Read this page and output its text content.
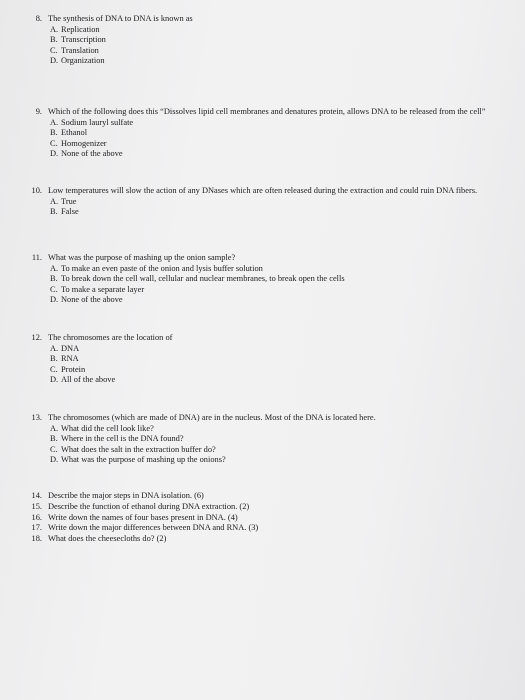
8. The synthesis of DNA to DNA is known as
A. Replication
B. Transcription
C. Translation
D. Organization
9. Which of the following does this “Dissolves lipid cell membranes and denatures protein, allows DNA to be released from the cell”
A. Sodium lauryl sulfate
B. Ethanol
C. Homogenizer
D. None of the above
10. Low temperatures will slow the action of any DNases which are often released during the extraction and could ruin DNA fibers.
A. True
B. False
11. What was the purpose of mashing up the onion sample?
A. To make an even paste of the onion and lysis buffer solution
B. To break down the cell wall, cellular and nuclear membranes, to break open the cells
C. To make a separate layer
D. None of the above
12. The chromosomes are the location of
A. DNA
B. RNA
C. Protein
D. All of the above
13. The chromosomes (which are made of DNA) are in the nucleus. Most of the DNA is located here.
A. What did the cell look like?
B. Where in the cell is the DNA found?
C. What does the salt in the extraction buffer do?
D. What was the purpose of mashing up the onions?
14. Describe the major steps in DNA isolation. (6)
15. Describe the function of ethanol during DNA extraction. (2)
16. Write down the names of four bases present in DNA. (4)
17. Write down the major differences between DNA and RNA. (3)
18. What does the cheesecloths do? (2)
